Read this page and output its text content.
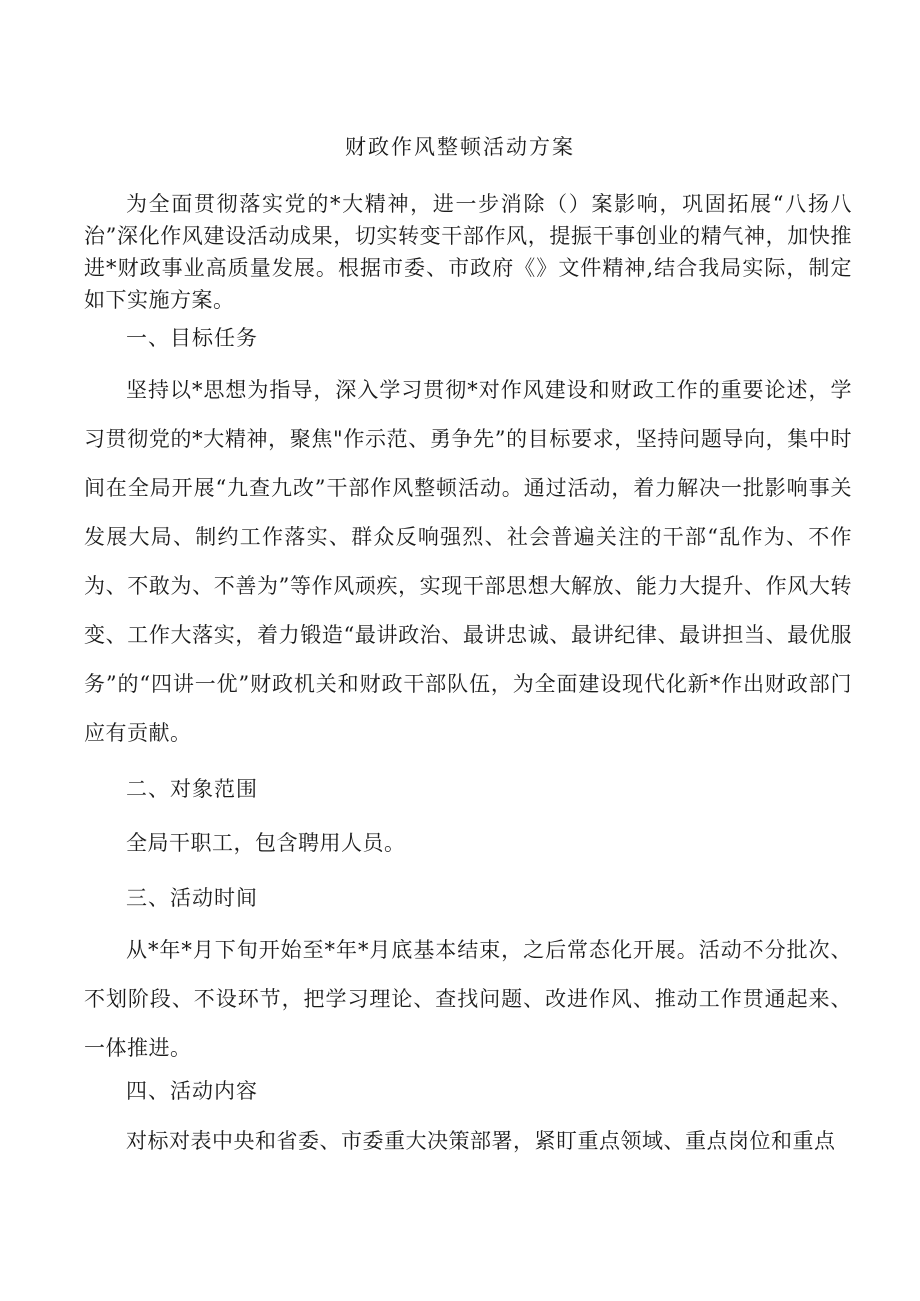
财政作风整顿活动方案
为全面贯彻落实党的*大精神，进一步消除（）案影响，巩固拓展“八扬八治”深化作风建设活动成果，切实转变干部作风，提振干事创业的精气神，加快推进*财政事业高质量发展。根据市委、市政府《》文件精神,结合我局实际，制定如下实施方案。
一、目标任务
坚持以*思想为指导，深入学习贯彻*对作风建设和财政工作的重要论述，学习贯彻党的*大精神，聚焦"作示范、勇争先”的目标要求，坚持问题导向，集中时间在全局开展“九查九改”干部作风整顿活动。通过活动，着力解决一批影响事关发展大局、制约工作落实、群众反响强烈、社会普遍关注的干部“乱作为、不作为、不敢为、不善为”等作风顽疾，实现干部思想大解放、能力大提升、作风大转变、工作大落实，着力锻造“最讲政治、最讲忠诚、最讲纪律、最讲担当、最优服务”的“四讲一优”财政机关和财政干部队伍，为全面建设现代化新*作出财政部门应有贡献。
二、对象范围
全局干职工，包含聘用人员。
三、活动时间
从*年*月下旬开始至*年*月底基本结束，之后常态化开展。活动不分批次、不划阶段、不设环节，把学习理论、查找问题、改进作风、推动工作贯通起来、一体推进。
四、活动内容
对标对表中央和省委、市委重大决策部署，紧盯重点领域、重点岗位和重点
